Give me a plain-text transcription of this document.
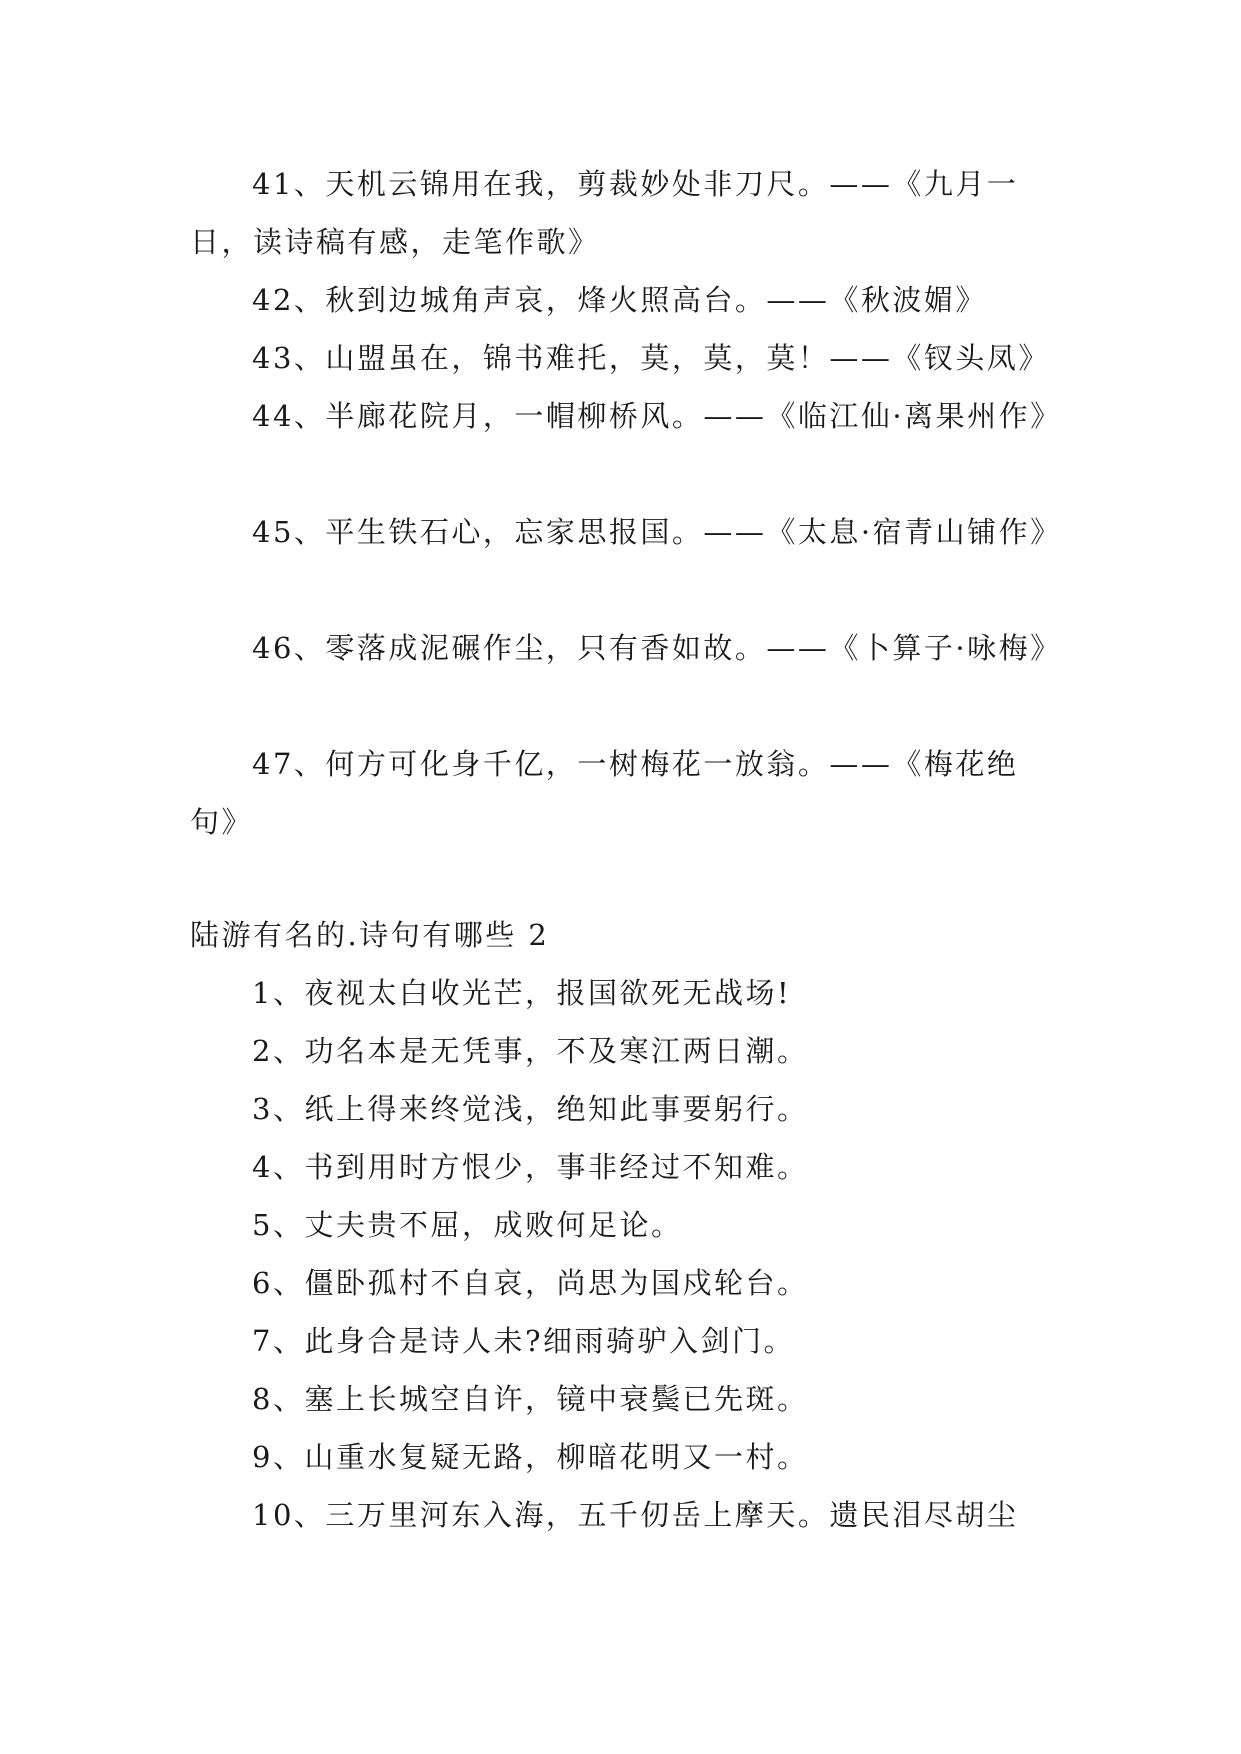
41、天机云锦用在我，剪裁妙处非刀尺。——《九月一日，读诗稿有感，走笔作歌》

42、秋到边城角声哀，烽火照高台。——《秋波媚》

43、山盟虽在，锦书难托，莫，莫，莫！——《钗头凤》

44、半廊花院月，一帽柳桥风。——《临江仙·离果州作》

45、平生铁石心，忘家思报国。——《太息·宿青山铺作》

46、零落成泥碾作尘，只有香如故。——《卜算子·咏梅》

47、何方可化身千亿，一树梅花一放翁。——《梅花绝句》

陆游有名的.诗句有哪些 2

1、夜视太白收光芒，报国欲死无战场!

2、功名本是无凭事，不及寒江两日潮。

3、纸上得来终觉浅，绝知此事要躬行。

4、书到用时方恨少，事非经过不知难。

5、丈夫贵不屈，成败何足论。

6、僵卧孤村不自哀，尚思为国戍轮台。

7、此身合是诗人未?细雨骑驴入剑门。

8、塞上长城空自许，镜中衰鬓已先斑。

9、山重水复疑无路，柳暗花明又一村。

10、三万里河东入海，五千仞岳上摩天。遗民泪尽胡尘
